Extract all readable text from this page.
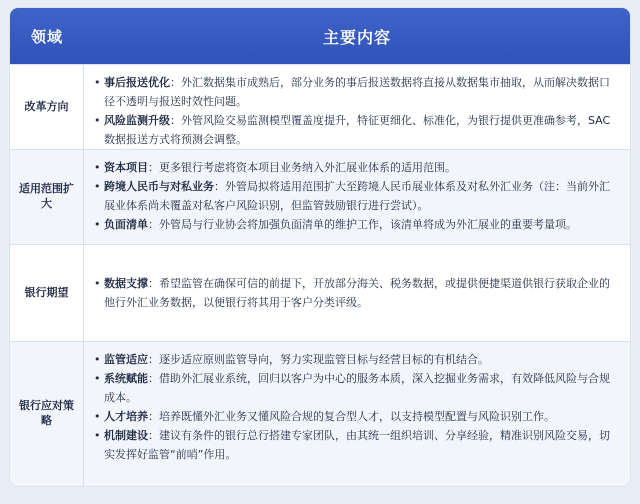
领域	主要内容
改革方向
• 事后报送优化：外汇数据集市成熟后，部分业务的事后报送数据将直接从数据集市抽取，从而解决数据口径不透明与报送时效性问题。
• 风险监测升级：外管风险交易监测模型覆盖度提升，特征更细化、标准化，为银行提供更准确参考，SAC数据报送方式将预测会调整。
适用范围扩大
• 资本项目：更多银行考虑将资本项目业务纳入外汇展业体系的适用范围。
• 跨境人民币与对私业务：外管局拟将适用范围扩大至跨境人民币展业体系及对私外汇业务（注：当前外汇展业体系尚未覆盖对私客户风险识别，但监管鼓励银行进行尝试）。
• 负面清单：外管局与行业协会将加强负面清单的维护工作，该清单将成为外汇展业的重要考量项。
银行期望
• 数据支撑：希望监管在确保可信的前提下，开放部分海关、税务数据，或提供便捷渠道供银行获取企业的他行外汇业务数据，以便银行将其用于客户分类评级。
银行应对策略
• 监管适应：逐步适应原则监管导向，努力实现监管目标与经营目标的有机结合。
• 系统赋能：借助外汇展业系统，回归以客户为中心的服务本质，深入挖掘业务需求，有效降低风险与合规成本。
• 人才培养：培养既懂外汇业务又懂风险合规的复合型人才，以支持模型配置与风险识别工作。
• 机制建设：建议有条件的银行总行搭建专家团队，由其统一组织培训、分享经验，精准识别风险交易，切实发挥好监管“前哨”作用。
